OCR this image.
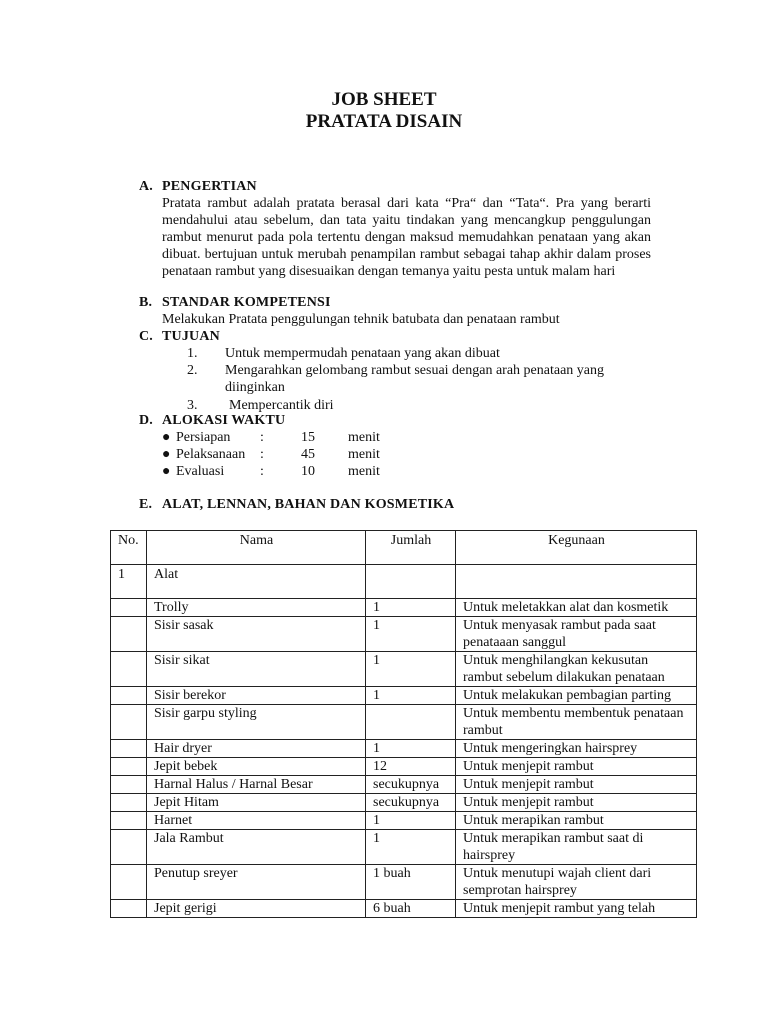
JOB SHEET
PRATATA DISAIN
A. PENGERTIAN
Pratata rambut adalah pratata berasal dari kata “Pra“ dan “Tata“. Pra yang berarti mendahului atau sebelum, dan tata yaitu tindakan yang mencangkup penggulungan rambut menurut pada pola tertentu dengan maksud memudahkan penataan yang akan dibuat. bertujuan untuk merubah penampilan rambut sebagai tahap akhir dalam proses penataan rambut yang disesuaikan dengan temanya yaitu pesta untuk malam hari
B. STANDAR KOMPETENSI
Melakukan Pratata penggulungan tehnik batubata dan penataan rambut
C. TUJUAN
1. Untuk mempermudah penataan yang akan dibuat
2. Mengarahkan gelombang rambut sesuai dengan arah penataan yang diinginkan
3. Mempercantik diri
D. ALOKASI WAKTU
● Persiapan :	15 menit
● Pelaksanaan :	45 menit
● Evaluasi	:	10 menit
E. ALAT, LENNAN, BAHAN DAN KOSMETIKA
No.	Nama	Jumlah	Kegunaan
1	Alat		
	Trolly	1	Untuk meletakkan alat dan kosmetik
	Sisir sasak	1	Untuk menyasak rambut pada saat penataaan sanggul
	Sisir sikat	1	Untuk menghilangkan kekusutan rambut sebelum dilakukan penataan
	Sisir berekor	1	Untuk melakukan pembagian parting
	Sisir garpu styling		Untuk membentu membentuk penataan rambut
	Hair dryer	1	Untuk mengeringkan hairsprey
	Jepit bebek	12	Untuk menjepit rambut
	Harnal Halus / Harnal Besar	secukupnya	Untuk menjepit rambut
	Jepit Hitam	secukupnya	Untuk menjepit rambut
	Harnet	1	Untuk merapikan rambut
	Jala Rambut	1	Untuk merapikan rambut saat di hairsprey
	Penutup sreyer	1 buah	Untuk menutupi wajah client dari semprotan hairsprey
	Jepit gerigi	6 buah	Untuk menjepit rambut yang telah
